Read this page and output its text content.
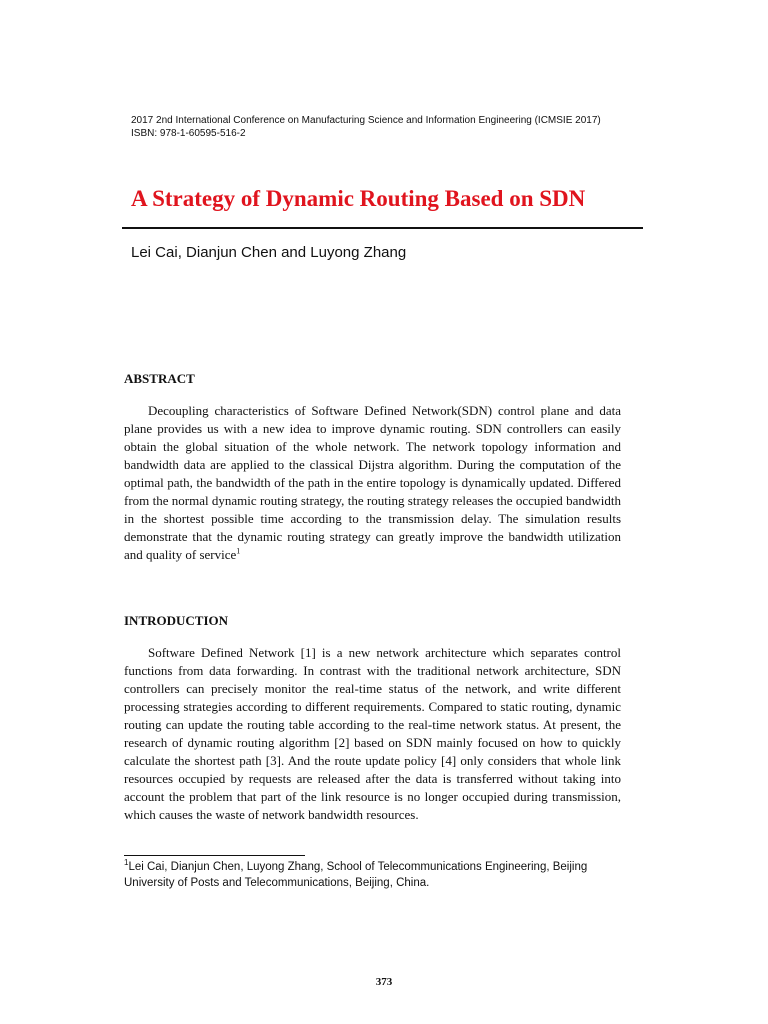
2017 2nd International Conference on Manufacturing Science and Information Engineering (ICMSIE 2017)
ISBN: 978-1-60595-516-2
A Strategy of Dynamic Routing Based on SDN
Lei Cai, Dianjun Chen and Luyong Zhang
ABSTRACT

Decoupling characteristics of Software Defined Network(SDN) control plane and data plane provides us with a new idea to improve dynamic routing. SDN controllers can easily obtain the global situation of the whole network. The network topology information and bandwidth data are applied to the classical Dijstra algorithm. During the computation of the optimal path, the bandwidth of the path in the entire topology is dynamically updated. Differed from the normal dynamic routing strategy, the routing strategy releases the occupied bandwidth in the shortest possible time according to the transmission delay. The simulation results demonstrate that the dynamic routing strategy can greatly improve the bandwidth utilization and quality of service$^1$

INTRODUCTION

Software Defined Network [1] is a new network architecture which separates control functions from data forwarding. In contrast with the traditional network architecture, SDN controllers can precisely monitor the real-time status of the network, and write different processing strategies according to different requirements. Compared to static routing, dynamic routing can update the routing table according to the real-time network status. At present, the research of dynamic routing algorithm [2] based on SDN mainly focused on how to quickly calculate the shortest path [3]. And the route update policy [4] only considers that whole link resources occupied by requests are released after the data is transferred without taking into account the problem that part of the link resource is no longer occupied during transmission, which causes the waste of network bandwidth resources.

$^1$Lei Cai, Dianjun Chen, Luyong Zhang, School of Telecommunications Engineering, Beijing University of Posts and Telecommunications, Beijing, China.

373
